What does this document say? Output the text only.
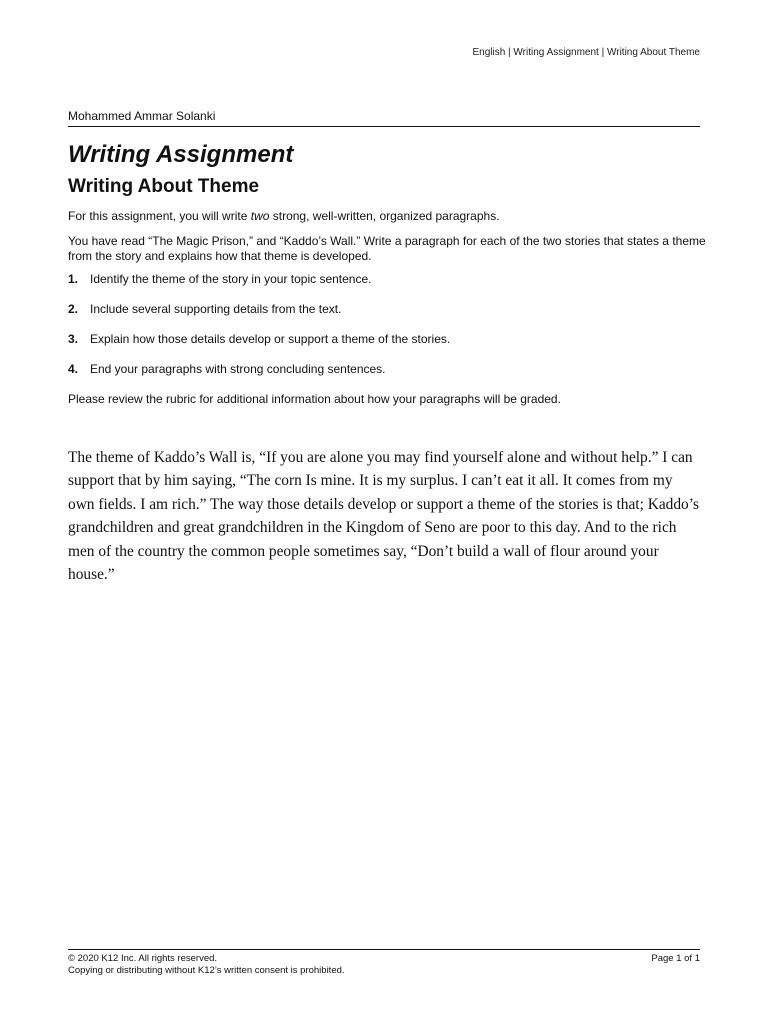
English | Writing Assignment | Writing About Theme
Mohammed Ammar Solanki
Writing Assignment
Writing About Theme

For this assignment, you will write two strong, well-written, organized paragraphs.

You have read “The Magic Prison,” and “Kaddo’s Wall.” Write a paragraph for each of the two stories that states a theme from the story and explains how that theme is developed.

1. Identify the theme of the story in your topic sentence.
2. Include several supporting details from the text.
3. Explain how those details develop or support a theme of the stories.
4. End your paragraphs with strong concluding sentences.

Please review the rubric for additional information about how your paragraphs will be graded.

The theme of Kaddo’s Wall is, “If you are alone you may find yourself alone and without help.” I can support that by him saying, “The corn Is mine. It is my surplus. I can’t eat it all. It comes from my own fields. I am rich.” The way those details develop or support a theme of the stories is that; Kaddo’s grandchildren and great grandchildren in the Kingdom of Seno are poor to this day. And to the rich men of the country the common people sometimes say, “Don’t build a wall of flour around your house.”

© 2020 K12 Inc. All rights reserved.	Page 1 of 1
Copying or distributing without K12’s written consent is prohibited.
